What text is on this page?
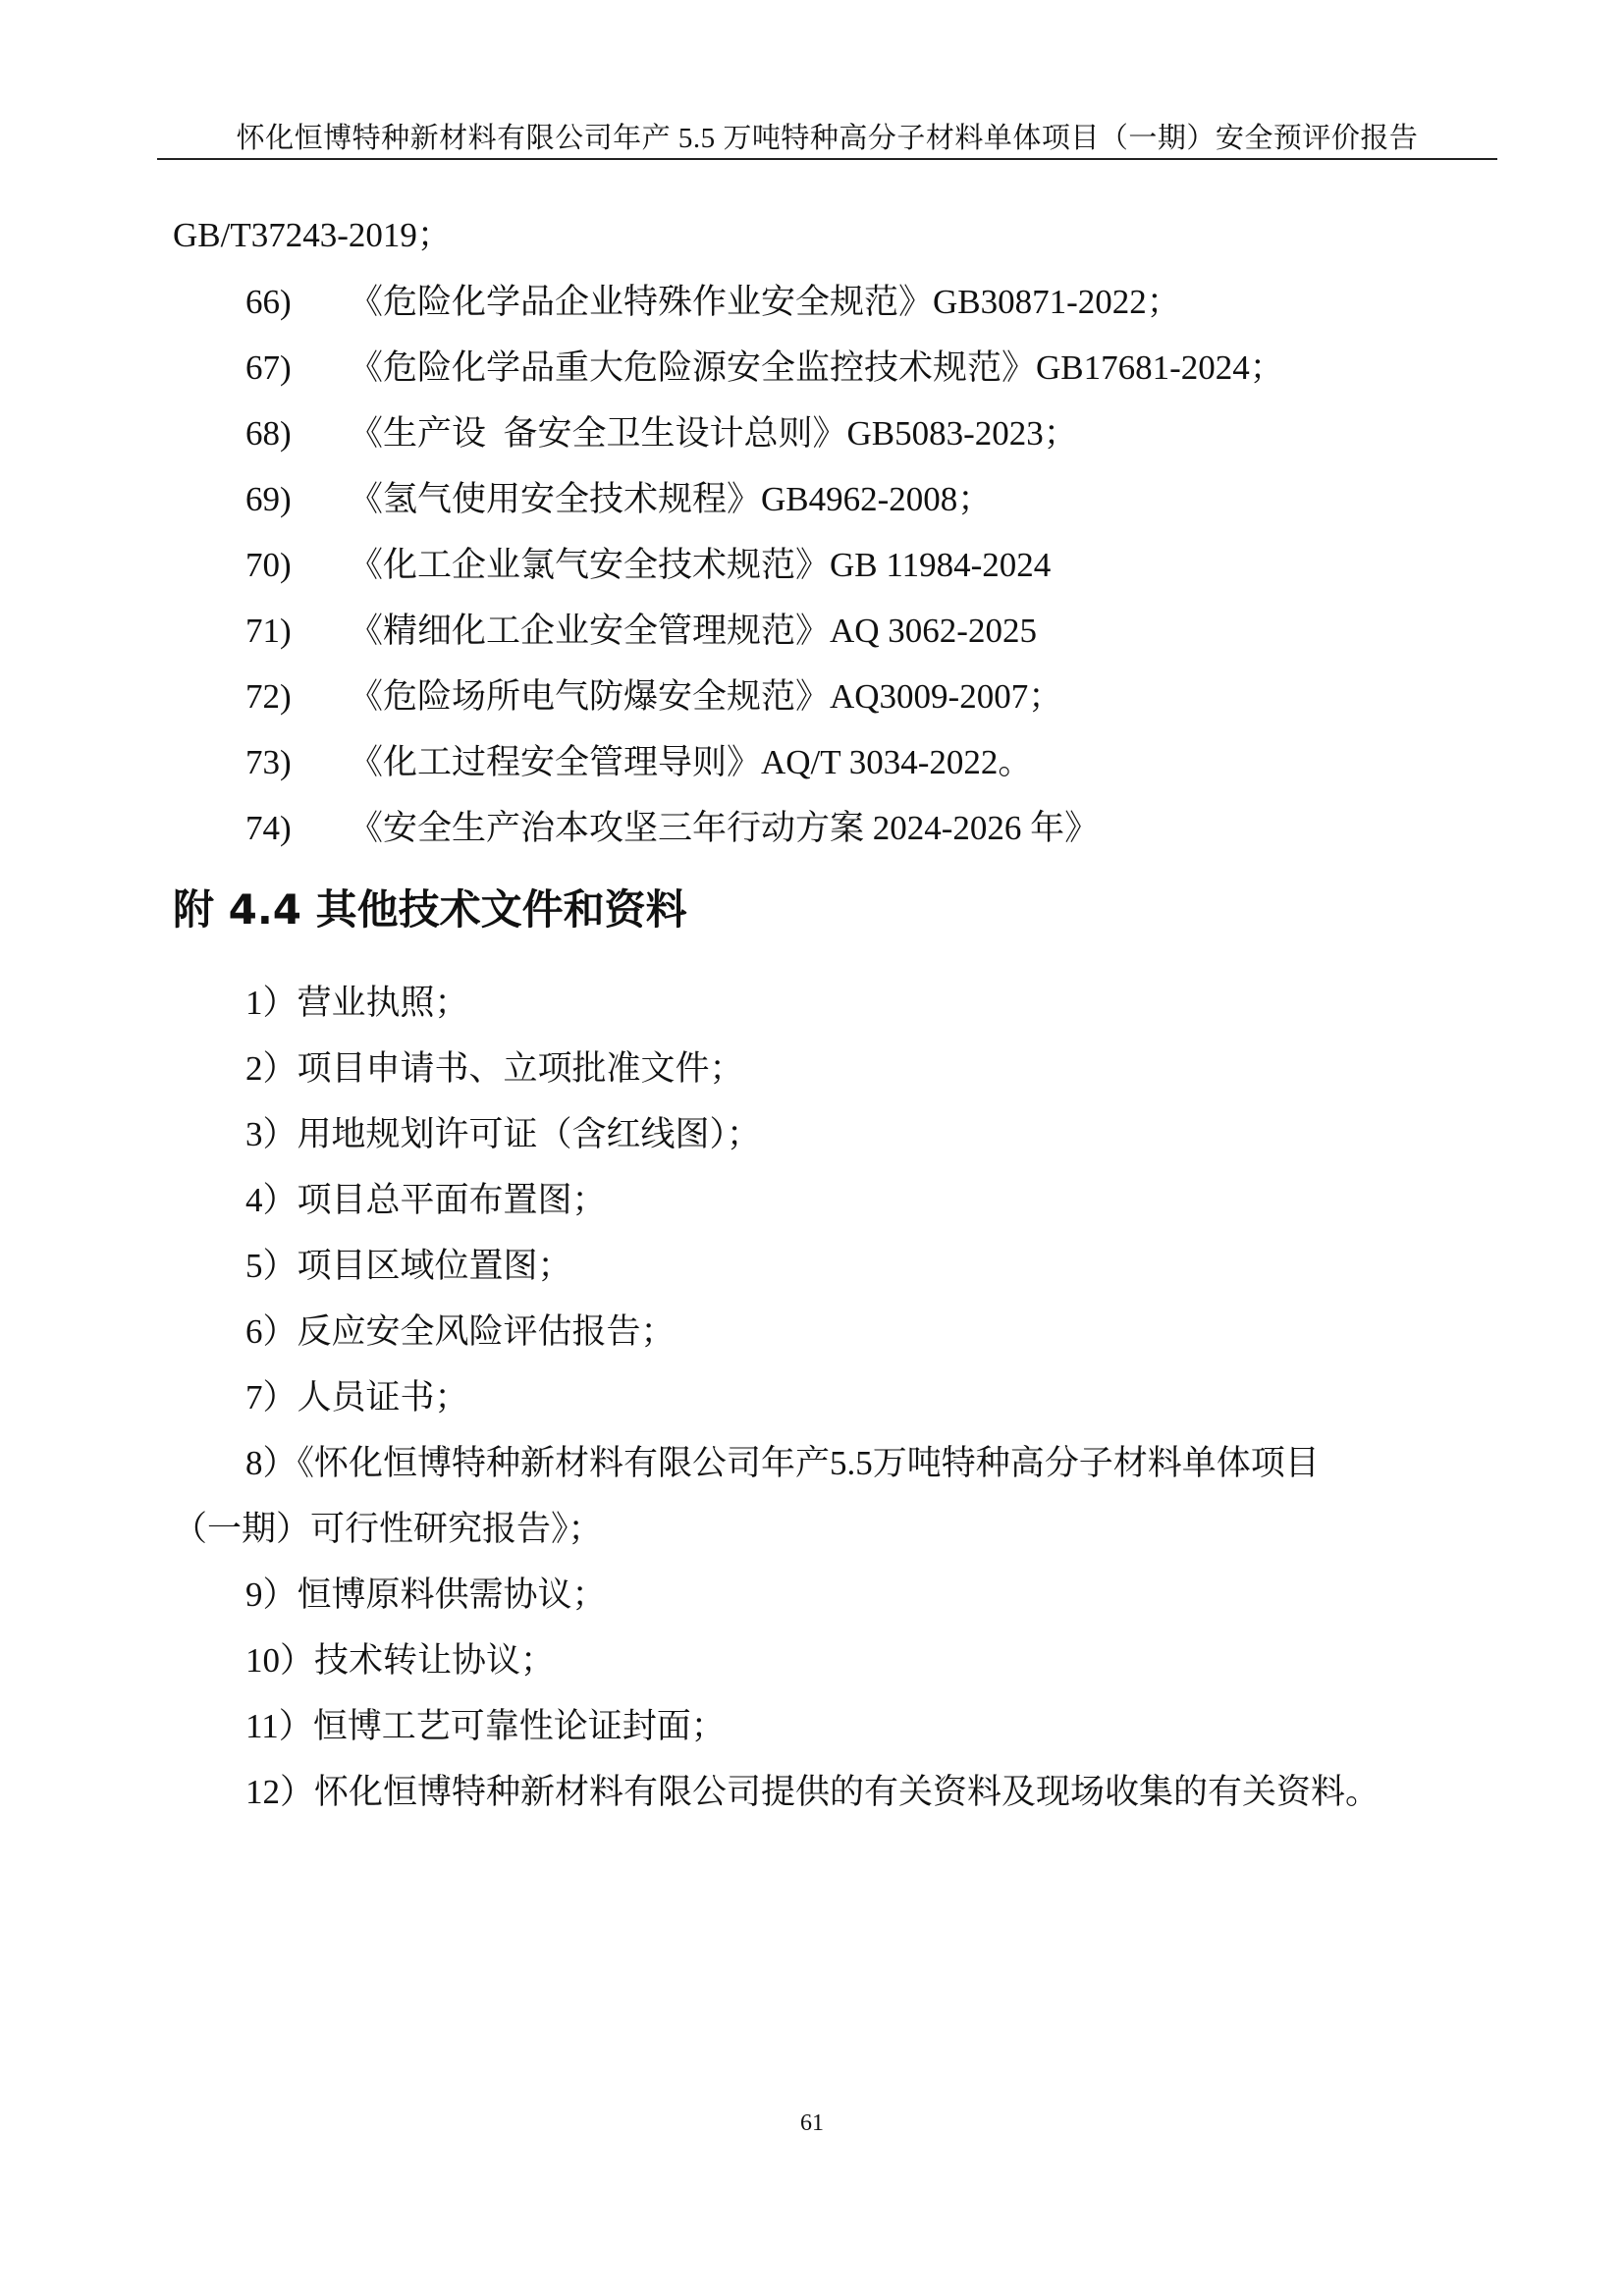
怀化恒博特种新材料有限公司年产 5.5 万吨特种高分子材料单体项目（一期）安全预评价报告
GB/T37243-2019；
66) 《危险化学品企业特殊作业安全规范》GB30871-2022；
67) 《危险化学品重大危险源安全监控技术规范》GB17681-2024；
68) 《生产设  备安全卫生设计总则》GB5083-2023；
69) 《氢气使用安全技术规程》GB4962-2008；
70) 《化工企业氯气安全技术规范》GB 11984-2024
71) 《精细化工企业安全管理规范》AQ 3062-2025
72) 《危险场所电气防爆安全规范》AQ3009-2007；
73) 《化工过程安全管理导则》AQ/T 3034-2022。
74) 《安全生产治本攻坚三年行动方案 2024-2026 年》
附 4.4 其他技术文件和资料
1）营业执照；
2）项目申请书、立项批准文件；
3）用地规划许可证（含红线图）；
4）项目总平面布置图；
5）项目区域位置图；
6）反应安全风险评估报告；
7）人员证书；
8）《怀化恒博特种新材料有限公司年产5.5万吨特种高分子材料单体项目
（一期）可行性研究报告》；
9）恒博原料供需协议；
10）技术转让协议；
11）恒博工艺可靠性论证封面；
12）怀化恒博特种新材料有限公司提供的有关资料及现场收集的有关资料。
61
